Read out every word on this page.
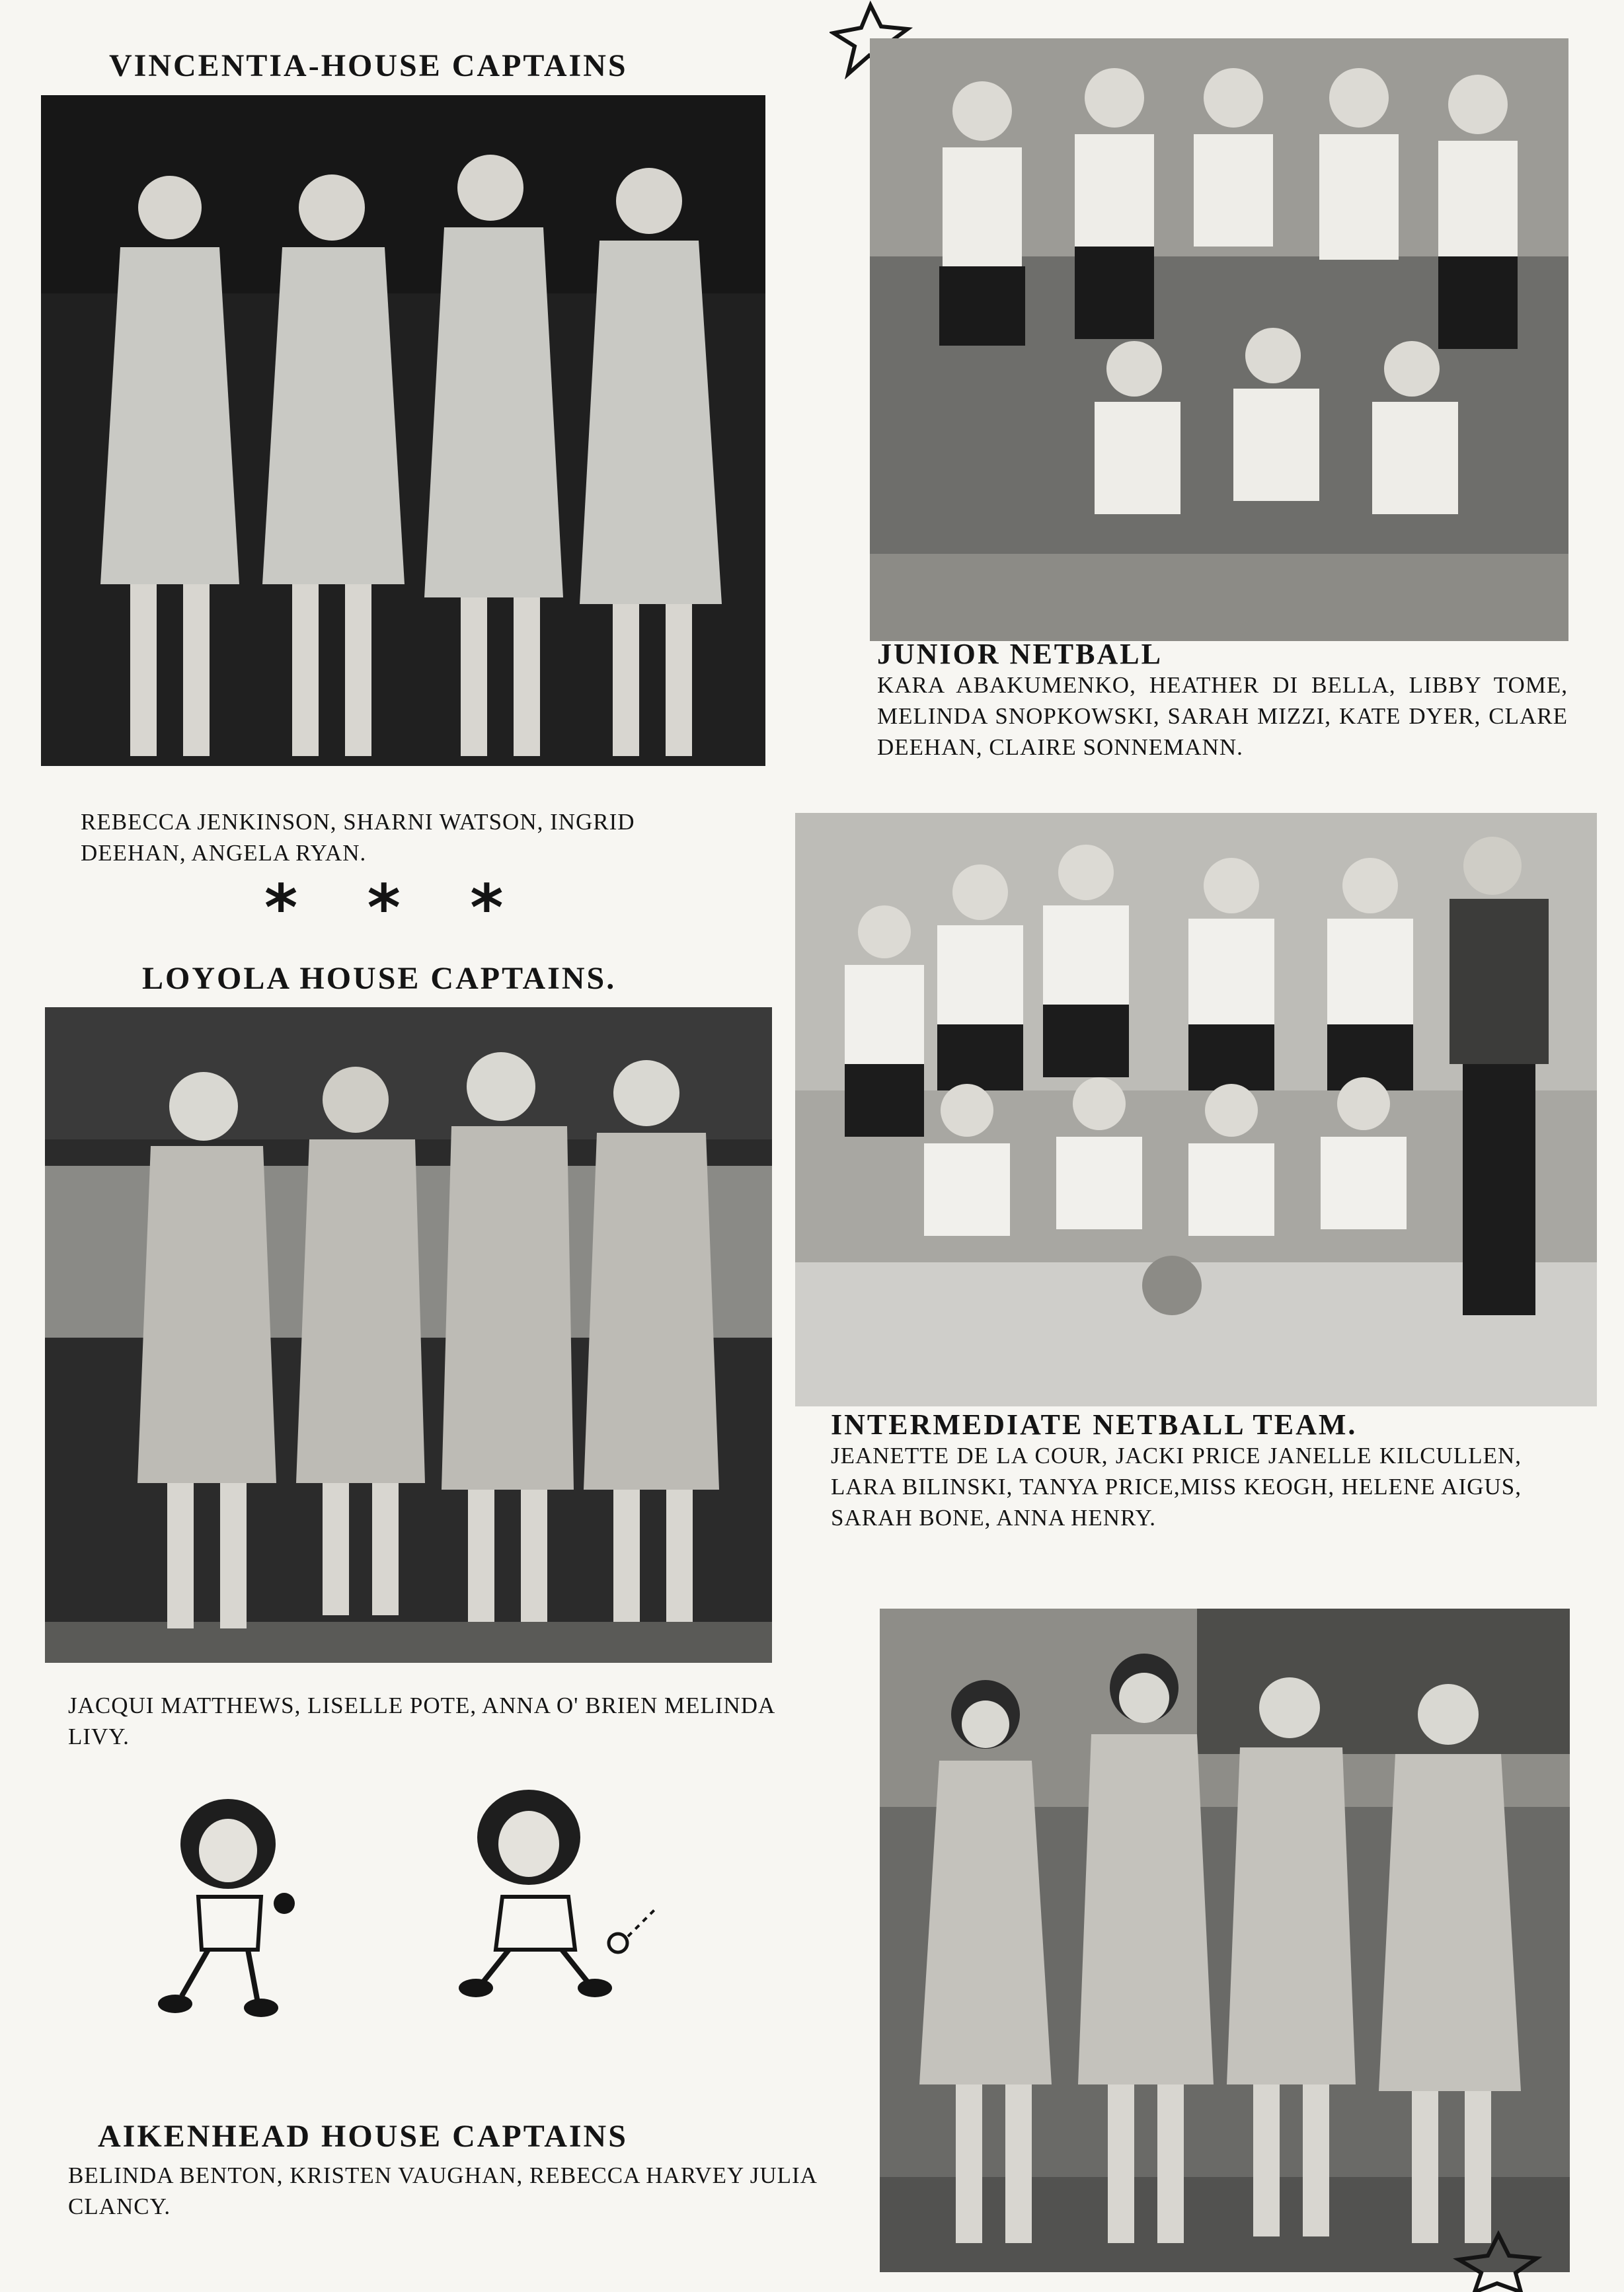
VINCENTIA-HOUSE CAPTAINS
REBECCA JENKINSON, SHARNI WATSON, INGRID DEEHAN, ANGELA RYAN.
* * *
LOYOLA HOUSE CAPTAINS.
JACQUI MATTHEWS, LISELLE POTE, ANNA O' BRIEN MELINDA LIVY.
AIKENHEAD HOUSE CAPTAINS
BELINDA BENTON, KRISTEN VAUGHAN, REBECCA HARVEY JULIA CLANCY.
JUNIOR NETBALL
KARA ABAKUMENKO, HEATHER DI BELLA, LIBBY TOME, MELINDA SNOPKOWSKI, SARAH MIZZI, KATE DYER, CLARE DEEHAN, CLAIRE SONNEMANN.
INTERMEDIATE NETBALL TEAM.
JEANETTE DE LA COUR, JACKI PRICE JANELLE KILCULLEN, LARA BILINSKI, TANYA PRICE,MISS KEOGH, HELENE AIGUS, SARAH BONE, ANNA HENRY.
